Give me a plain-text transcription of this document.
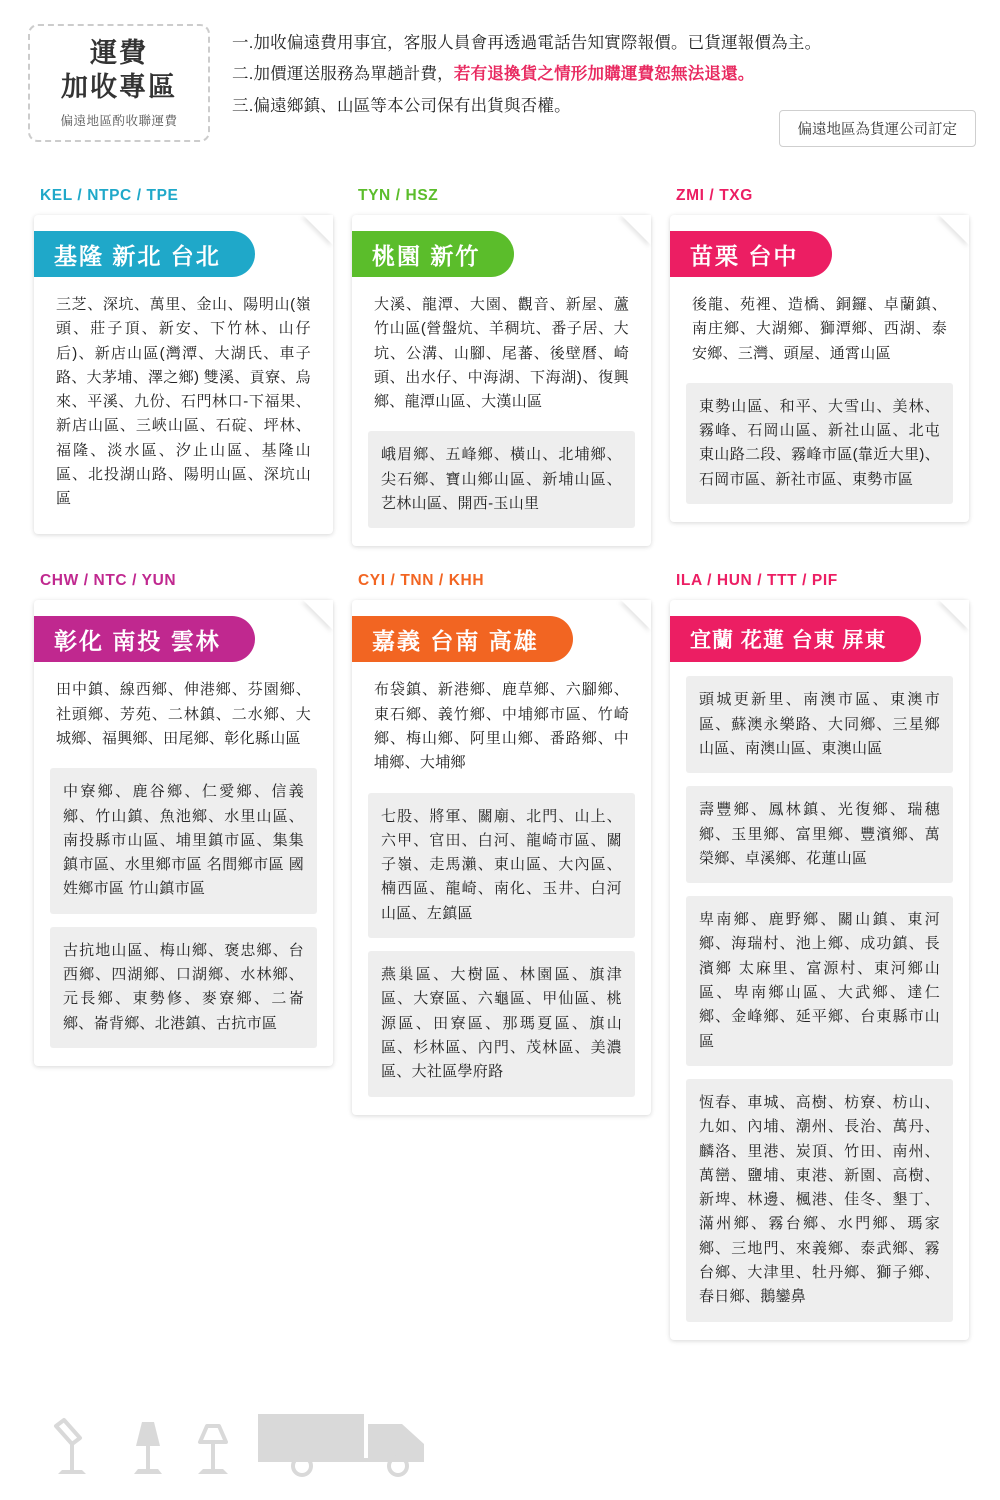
運費
加收專區
偏遠地區酌收聯運費
一.加收偏遠費用事宜，客服人員會再透過電話告知實際報價。已貨運報價為主。
二.加價運送服務為單趟計費，若有退換貨之情形加購運費恕無法退還。
三.偏遠鄉鎮、山區等本公司保有出貨與否權。
偏遠地區為貨運公司訂定
KEL / NTPC / TPE
基隆 新北 台北
三芝、深坑、萬里、金山、陽明山(嶺頭、莊子頂、新安、下竹林、山仔后)、新店山區(灣潭、大湖氏、車子路、大茅埔、澤之鄉) 雙溪、貢寮、烏來、平溪、九份、石門林口-下福果、新店山區、三峽山區、石碇、坪林、福隆、淡水區、汐止山區、基隆山區、北投湖山路、陽明山區、深坑山區
TYN / HSZ
桃園 新竹
大溪、龍潭、大園、觀音、新屋、蘆竹山區(營盤炕、羊稠坑、番子居、大坑、公溝、山腳、尾蕃、後壁曆、崎頭、出水仔、中海湖、下海湖)、復興鄉、龍潭山區、大漢山區
峨眉鄉、五峰鄉、橫山、北埔鄉、尖石鄉、寶山鄉山區、新埔山區、艺林山區、開西-玉山里
ZMI / TXG
苗栗 台中
後龍、苑裡、造橋、銅鑼、卓蘭鎮、南庄鄉、大湖鄉、獅潭鄉、西湖、泰安鄉、三灣、頭屋、通霄山區
東勢山區、和平、大雪山、美林、霧峰、石岡山區、新社山區、北屯東山路二段、霧峰市區(靠近大里)、石岡市區、新社市區、東勢市區
CHW / NTC / YUN
彰化 南投 雲林
田中鎮、線西鄉、伸港鄉、芬園鄉、社頭鄉、芳苑、二林鎮、二水鄉、大城鄉、福興鄉、田尾鄉、彰化縣山區
中寮鄉、鹿谷鄉、仁愛鄉、信義鄉、竹山鎮、魚池鄉、水里山區、南投縣市山區、埔里鎮市區、集集鎮市區、水里鄉市區 名間鄉市區 國姓鄉市區 竹山鎮市區
古抗地山區、梅山鄉、褒忠鄉、台西鄉、四湖鄉、口湖鄉、水林鄉、元長鄉、東勢修、麥寮鄉、二崙鄉、崙背鄉、北港鎮、古抗市區
CYI / TNN / KHH
嘉義 台南 高雄
布袋鎮、新港鄉、鹿草鄉、六腳鄉、東石鄉、義竹鄉、中埔鄉市區、竹崎鄉、梅山鄉、阿里山鄉、番路鄉、中埔鄉、大埔鄉
七股、將軍、關廟、北門、山上、六甲、官田、白河、龍崎市區、關子嶺、走馬瀨、東山區、大內區、楠西區、龍崎、南化、玉井、白河山區、左鎮區
燕巢區、大樹區、林園區、旗津區、大寮區、六龜區、甲仙區、桃源區、田寮區、那瑪夏區、旗山區、杉林區、內門、茂林區、美濃區、大社區學府路
ILA / HUN / TTT / PIF
宜蘭 花蓮 台東 屏東
頭城更新里、南澳市區、東澳市區、蘇澳永樂路、大同鄉、三星鄉山區、南澳山區、東澳山區
壽豐鄉、鳳林鎮、光復鄉、瑞穗鄉、玉里鄉、富里鄉、豐濱鄉、萬榮鄉、卓溪鄉、花蓮山區
卑南鄉、鹿野鄉、關山鎮、東河鄉、海瑞村、池上鄉、成功鎮、長濱鄉 太麻里、富源村、東河鄉山區、卑南鄉山區、大武鄉、達仁鄉、金峰鄉、延平鄉、台東縣市山區
恆春、車城、高樹、枋寮、枋山、九如、內埔、潮州、長治、萬丹、麟洛、里港、炭頂、竹田、南州、萬巒、鹽埔、東港、新園、高樹、新埤、林邊、楓港、佳冬、墾丁、滿州鄉、霧台鄉、水門鄉、瑪家鄉、三地門、來義鄉、泰武鄉、霧台鄉、大津里、牡丹鄉、獅子鄉、春日鄉、鵝鑾鼻
